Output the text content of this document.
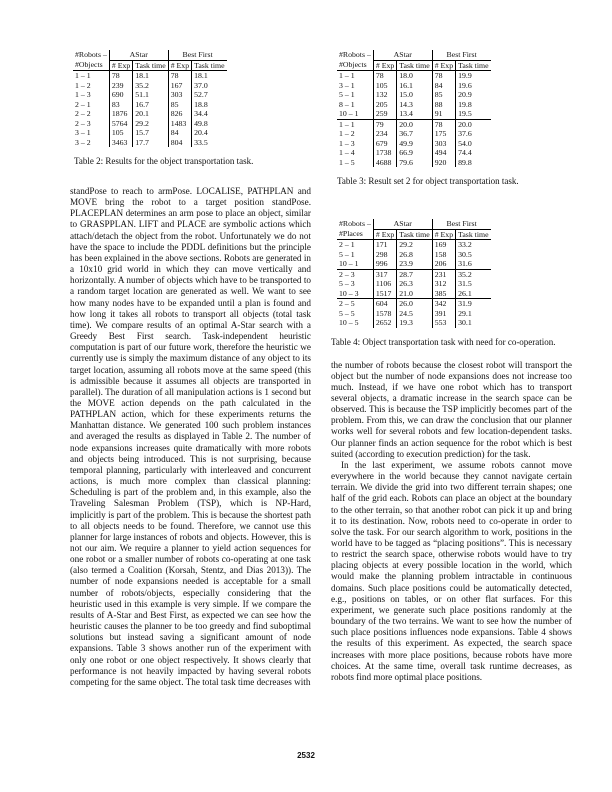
#Robots –	AStar		Best First	
#Objects	# Exp	Task time	# Exp	Task time
1 – 1	78	18.1	78	18.1
1 – 2	239	35.2	167	37.0
1 – 3	690	51.1	303	52.7
2 – 1	83	16.7	85	18.8
2 – 2	1876	20.1	826	34.4
2 – 3	5764	29.2	1483	49.8
3 – 1	105	15.7	84	20.4
3 – 2	3463	17.7	804	33.5
Table 2: Results for the object transportation task.

standPose to reach to armPose. LOCALISE, PATHPLAN and MOVE bring the robot to a target position standPose. PLACEPLAN determines an arm pose to place an object, similar to GRASPPLAN. LIFT and PLACE are symbolic actions which attach/detach the object from the robot. Unfortunately we do not have the space to include the PDDL definitions but the principle has been explained in the above sections. Robots are generated in a 10x10 grid world in which they can move vertically and horizontally. A number of objects which have to be transported to a random target location are generated as well. We want to see how many nodes have to be expanded until a plan is found and how long it takes all robots to transport all objects (total task time). We compare results of an optimal A-Star search with a Greedy Best First search. Task-independent heuristic computation is part of our future work, therefore the heuristic we currently use is simply the maximum distance of any object to its target location, assuming all robots move at the same speed (this is admissible because it assumes all objects are transported in parallel). The duration of all manipulation actions is 1 second but the MOVE action depends on the path calculated in the PATHPLAN action, which for these experiments returns the Manhattan distance. We generated 100 such problem instances and averaged the results as displayed in Table 2. The number of node expansions increases quite dramatically with more robots and objects being introduced. This is not surprising, because temporal planning, particularly with interleaved and concurrent actions, is much more complex than classical planning: Scheduling is part of the problem and, in this example, also the Traveling Salesman Problem (TSP), which is NP-Hard, implicitly is part of the problem. This is because the shortest path to all objects needs to be found. Therefore, we cannot use this planner for large instances of robots and objects. However, this is not our aim. We require a planner to yield action sequences for one robot or a smaller number of robots co-operating at one task (also termed a Coalition (Korsah, Stentz, and Dias 2013)). The number of node expansions needed is acceptable for a small number of robots/objects, especially considering that the heuristic used in this example is very simple. If we compare the results of A-Star and Best First, as expected we can see how the heuristic causes the planner to be too greedy and find suboptimal solutions but instead saving a significant amount of node expansions. Table 3 shows another run of the experiment with only one robot or one object respectively. It shows clearly that performance is not heavily impacted by having several robots competing for the same object. The total task time decreases with

#Robots –	AStar		Best First	
#Objects	# Exp	Task time	# Exp	Task time
1 – 1	78	18.0	78	19.9
3 – 1	105	16.1	84	19.6
5 – 1	132	15.0	85	20.9
8 – 1	205	14.3	88	19.8
10 – 1	259	13.4	91	19.5
1 – 1	79	20.0	78	20.0
1 – 2	234	36.7	175	37.6
1 – 3	679	49.9	303	54.0
1 – 4	1738	66.9	494	74.4
1 – 5	4688	79.6	920	89.8
Table 3: Result set 2 for object transportation task.
#Robots –	AStar		Best First	
#Places	# Exp	Task time	# Exp	Task time
2 – 1	171	29.2	169	33.2
5 – 1	298	26.8	158	30.5
10 – 1	996	23.9	206	31.6
2 – 3	317	28.7	231	35.2
5 – 3	1106	26.3	312	31.5
10 – 3	1517	21.0	385	26.1
2 – 5	604	26.0	342	31.9
5 – 5	1578	24.5	391	29.1
10 – 5	2652	19.3	553	30.1
Table 4: Object transportation task with need for co-operation.

the number of robots because the closest robot will transport the object but the number of node expansions does not increase too much. Instead, if we have one robot which has to transport several objects, a dramatic increase in the search space can be observed. This is because the TSP implicitly becomes part of the problem. From this, we can draw the conclusion that our planner works well for several robots and few location-dependent tasks. Our planner finds an action sequence for the robot which is best suited (according to execution prediction) for the task.

In the last experiment, we assume robots cannot move everywhere in the world because they cannot navigate certain terrain. We divide the grid into two different terrain shapes; one half of the grid each. Robots can place an object at the boundary to the other terrain, so that another robot can pick it up and bring it to its destination. Now, robots need to co-operate in order to solve the task. For our search algorithm to work, positions in the world have to be tagged as “placing positions”. This is necessary to restrict the search space, otherwise robots would have to try placing objects at every possible location in the world, which would make the planning problem intractable in continuous domains. Such place positions could be automatically detected, e.g., positions on tables, or on other flat surfaces. For this experiment, we generate such place positions randomly at the boundary of the two terrains. We want to see how the number of such place positions influences node expansions. Table 4 shows the results of this experiment. As expected, the search space increases with more place positions, because robots have more choices. At the same time, overall task runtime decreases, as robots find more optimal place positions.

2532
